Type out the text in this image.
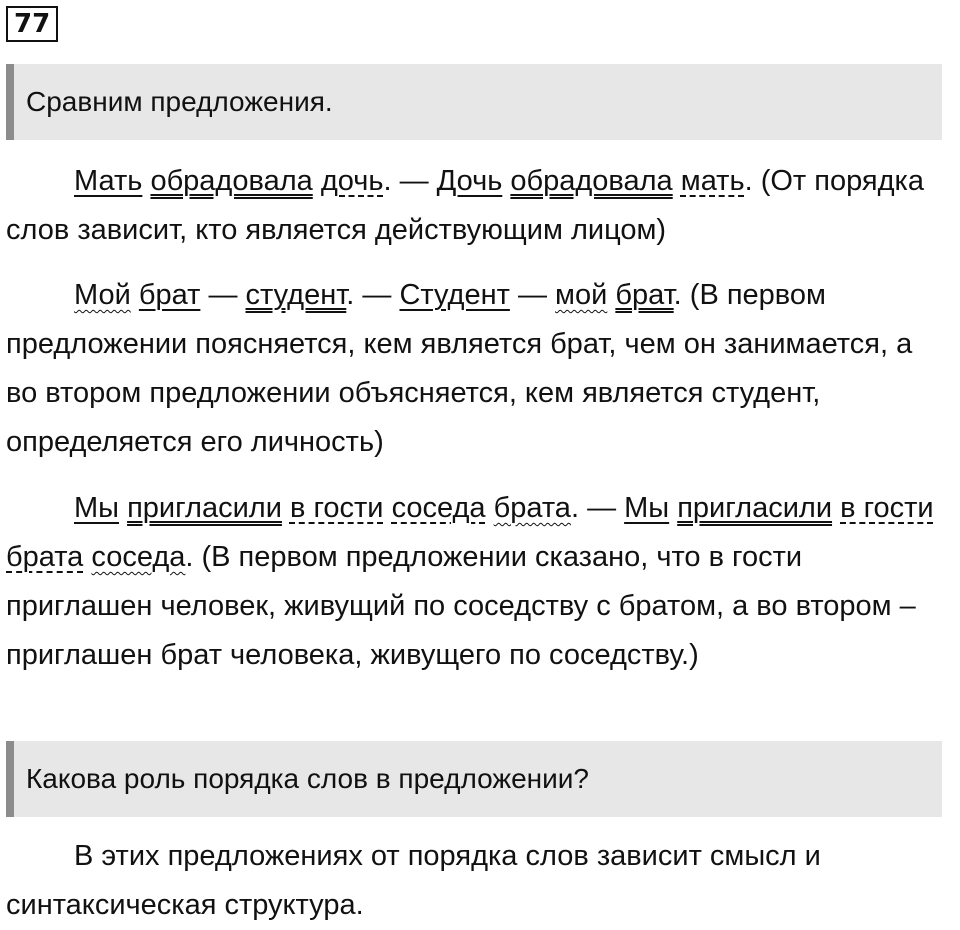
77
Сравним предложения.

Мать обрадовала дочь. — Дочь обрадовала мать. (От порядка слов зависит, кто является действующим лицом)

Мой брат — студент. — Студент — мой брат. (В первом предложении поясняется, кем является брат, чем он занимается, а во втором предложении объясняется, кем является студент, определяется его личность)

Мы пригласили в гости соседа брата. — Мы пригласили в гости брата соседа. (В первом предложении сказано, что в гости приглашен человек, живущий по соседству с братом, а во втором – приглашен брат человека, живущего по соседству.)

Какова роль порядка слов в предложении?

В этих предложениях от порядка слов зависит смысл и синтаксическая структура.
